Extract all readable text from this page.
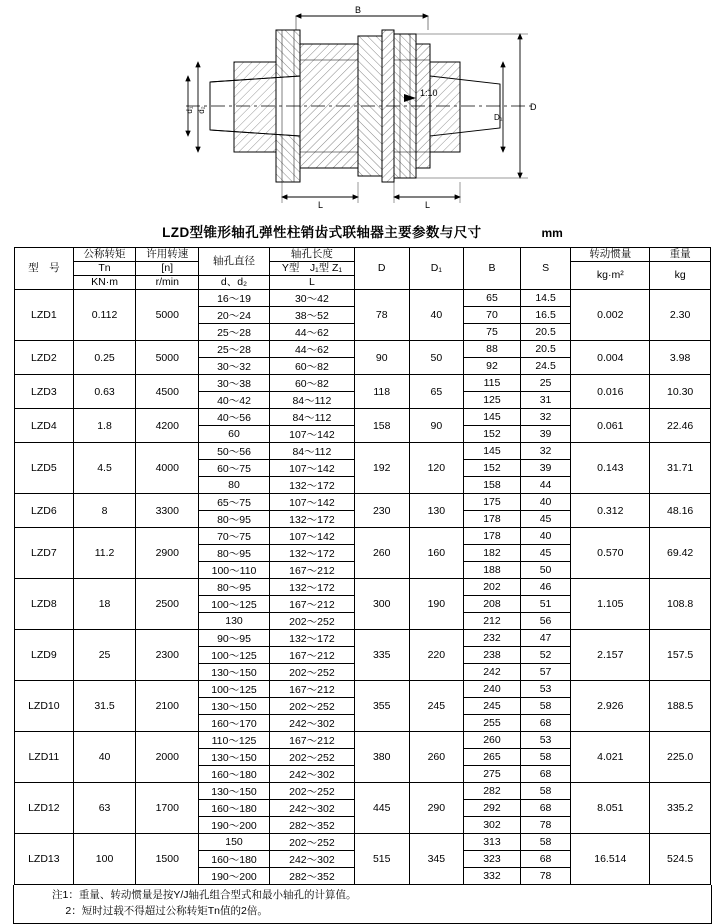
B
D
D₁
d₁ d₂
L	L
1:10
LZD型锥形轴孔弹性柱销齿式联轴器主要参数与尺寸	mm
型　号	公称转矩	许用转速	轴孔直径	轴孔长度	D	D₁	B	S	转动惯量	重量
	Tn	[n]		Y型　J₁型 Z₁					kg·m²	kg
	KN·m	r/min	d、d₂	L						
LZD1	0.112	5000	16～19	30～42	78	40	65	14.5	0.002	2.30
			20～24	38～52			70	16.5		
			25～28	44～62			75	20.5		
LZD2	0.25	5000	25～28	44～62	90	50	88	20.5	0.004	3.98
			30～32	60～82			92	24.5		
LZD3	0.63	4500	30～38	60～82	118	65	115	25	0.016	10.30
			40～42	84～112			125	31		
LZD4	1.8	4200	40～56	84～112	158	90	145	32	0.061	22.46
			60	107～142			152	39		
LZD5	4.5	4000	50～56	84～112	192	120	145	32	0.143	31.71
			60～75	107～142			152	39		
			80	132～172			158	44		
LZD6	8	3300	65～75	107～142	230	130	175	40	0.312	48.16
			80～95	132～172			178	45		
LZD7	11.2	2900	70～75	107～142	260	160	178	40	0.570	69.42
			80～95	132～172			182	45		
			100～110	167～212			188	50		
LZD8	18	2500	80～95	132～172	300	190	202	46	1.105	108.8
			100～125	167～212			208	51		
			130	202～252			212	56		
LZD9	25	2300	90～95	132～172	335	220	232	47	2.157	157.5
			100～125	167～212			238	52		
			130～150	202～252			242	57		
LZD10	31.5	2100	100～125	167～212	355	245	240	53	2.926	188.5
			130～150	202～252			245	58		
			160～170	242～302			255	68		
LZD11	40	2000	110～125	167～212	380	260	260	53	4.021	225.0
			130～150	202～252			265	58		
			160～180	242～302			275	68		
LZD12	63	1700	130～150	202～252	445	290	282	58	8.051	335.2
			160～180	242～302			292	68		
			190～200	282～352			302	78		
LZD13	100	1500	150	202～252	515	345	313	58	16.514	524.5
			160～180	242～302			323	68		
			190～200	282～352			332	78		
注1：重量、转动惯量是按Y/J轴孔组合型式和最小轴孔的计算值。
　 2：短时过载不得超过公称转矩Tn值的2倍。
